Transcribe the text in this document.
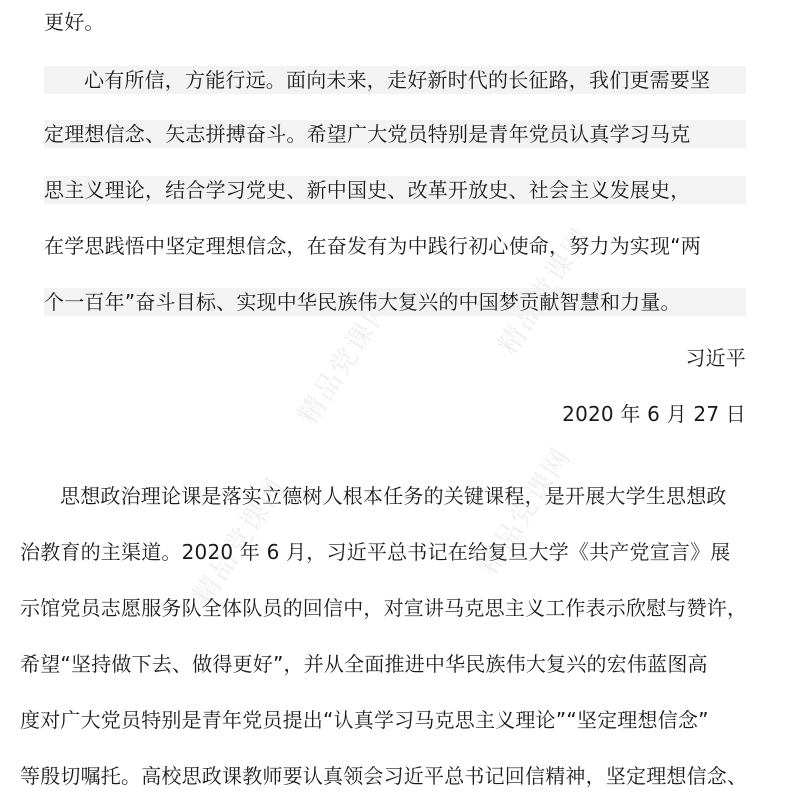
精品党课网
精品党课网
精品党课网
更好。
心有所信，方能行远。面向未来，走好新时代的长征路，我们更需要坚
定理想信念、矢志拼搏奋斗。希望广大党员特别是青年党员认真学习马克
思主义理论，结合学习党史、新中国史、改革开放史、社会主义发展史，
在学思践悟中坚定理想信念，在奋发有为中践行初心使命，努力为实现“两
个一百年”奋斗目标、实现中华民族伟大复兴的中国梦贡献智慧和力量。
习近平
2020 年 6 月 27 日
思想政治理论课是落实立德树人根本任务的关键课程，是开展大学生思想政
治教育的主渠道。2020 年 6 月，习近平总书记在给复旦大学《共产党宣言》展
示馆党员志愿服务队全体队员的回信中，对宣讲马克思主义工作表示欣慰与赞许，
希望“坚持做下去、做得更好”，并从全面推进中华民族伟大复兴的宏伟蓝图高
度对广大党员特别是青年党员提出“认真学习马克思主义理论”“坚定理想信念”
等殷切嘱托。高校思政课教师要认真领会习近平总书记回信精神，坚定理想信念、
